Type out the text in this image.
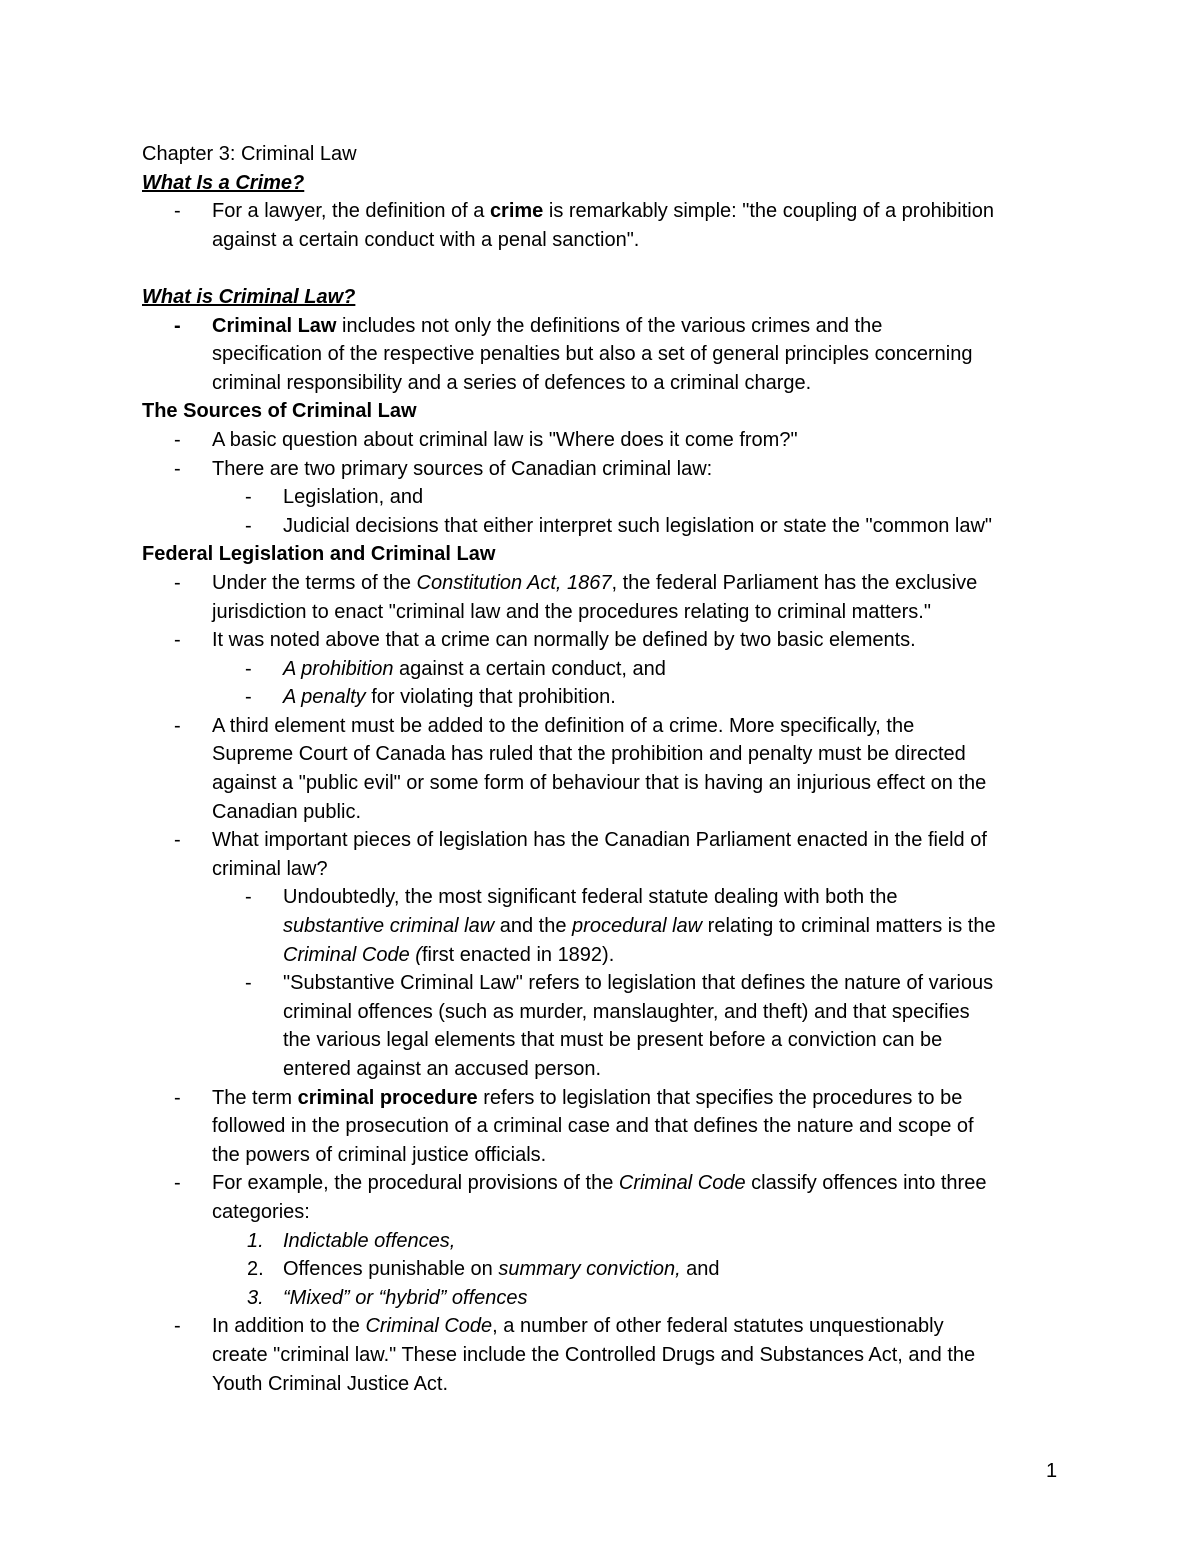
Chapter 3: Criminal Law
What Is a Crime?
- For a lawyer, the definition of a crime is remarkably simple: "the coupling of a prohibition
against a certain conduct with a penal sanction".
What is Criminal Law?
- Criminal Law includes not only the definitions of the various crimes and the
specification of the respective penalties but also a set of general principles concerning
criminal responsibility and a series of defences to a criminal charge.
The Sources of Criminal Law
- A basic question about criminal law is "Where does it come from?"
- There are two primary sources of Canadian criminal law:
- Legislation, and
- Judicial decisions that either interpret such legislation or state the "common law"
Federal Legislation and Criminal Law
- Under the terms of the Constitution Act, 1867, the federal Parliament has the exclusive
jurisdiction to enact "criminal law and the procedures relating to criminal matters."
- It was noted above that a crime can normally be defined by two basic elements.
- A prohibition against a certain conduct, and
- A penalty for violating that prohibition.
- A third element must be added to the definition of a crime. More specifically, the
Supreme Court of Canada has ruled that the prohibition and penalty must be directed
against a "public evil" or some form of behaviour that is having an injurious effect on the
Canadian public.
- What important pieces of legislation has the Canadian Parliament enacted in the field of
criminal law?
- Undoubtedly, the most significant federal statute dealing with both the
substantive criminal law and the procedural law relating to criminal matters is the
Criminal Code (first enacted in 1892).
- "Substantive Criminal Law" refers to legislation that defines the nature of various
criminal offences (such as murder, manslaughter, and theft) and that specifies
the various legal elements that must be present before a conviction can be
entered against an accused person.
- The term criminal procedure refers to legislation that specifies the procedures to be
followed in the prosecution of a criminal case and that defines the nature and scope of
the powers of criminal justice officials.
- For example, the procedural provisions of the Criminal Code classify offences into three
categories:
1. Indictable offences,
2. Offences punishable on summary conviction, and
3. “Mixed” or “hybrid” offences
- In addition to the Criminal Code, a number of other federal statutes unquestionably
create "criminal law." These include the Controlled Drugs and Substances Act, and the
Youth Criminal Justice Act.
1
